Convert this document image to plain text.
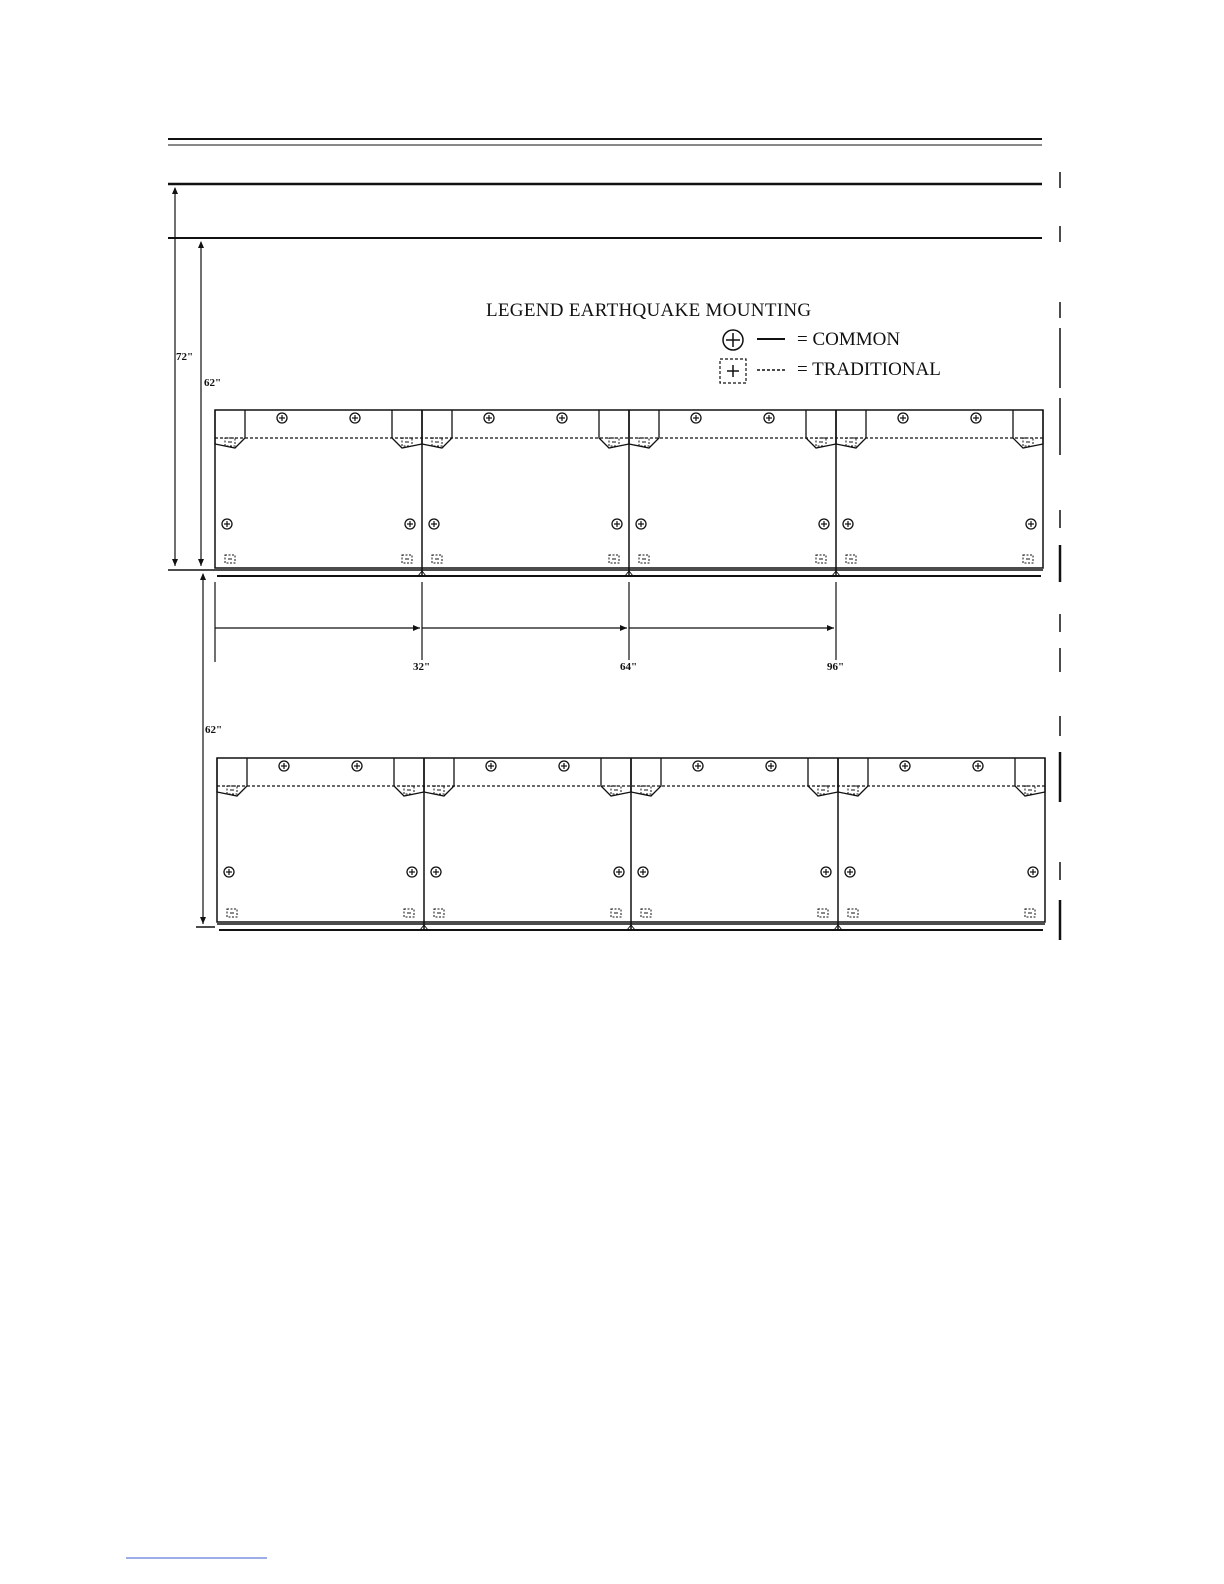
72"
62"
62"
32"	64"	96"
LEGEND EARTHQUAKE MOUNTING
= COMMON
= TRADITIONAL
